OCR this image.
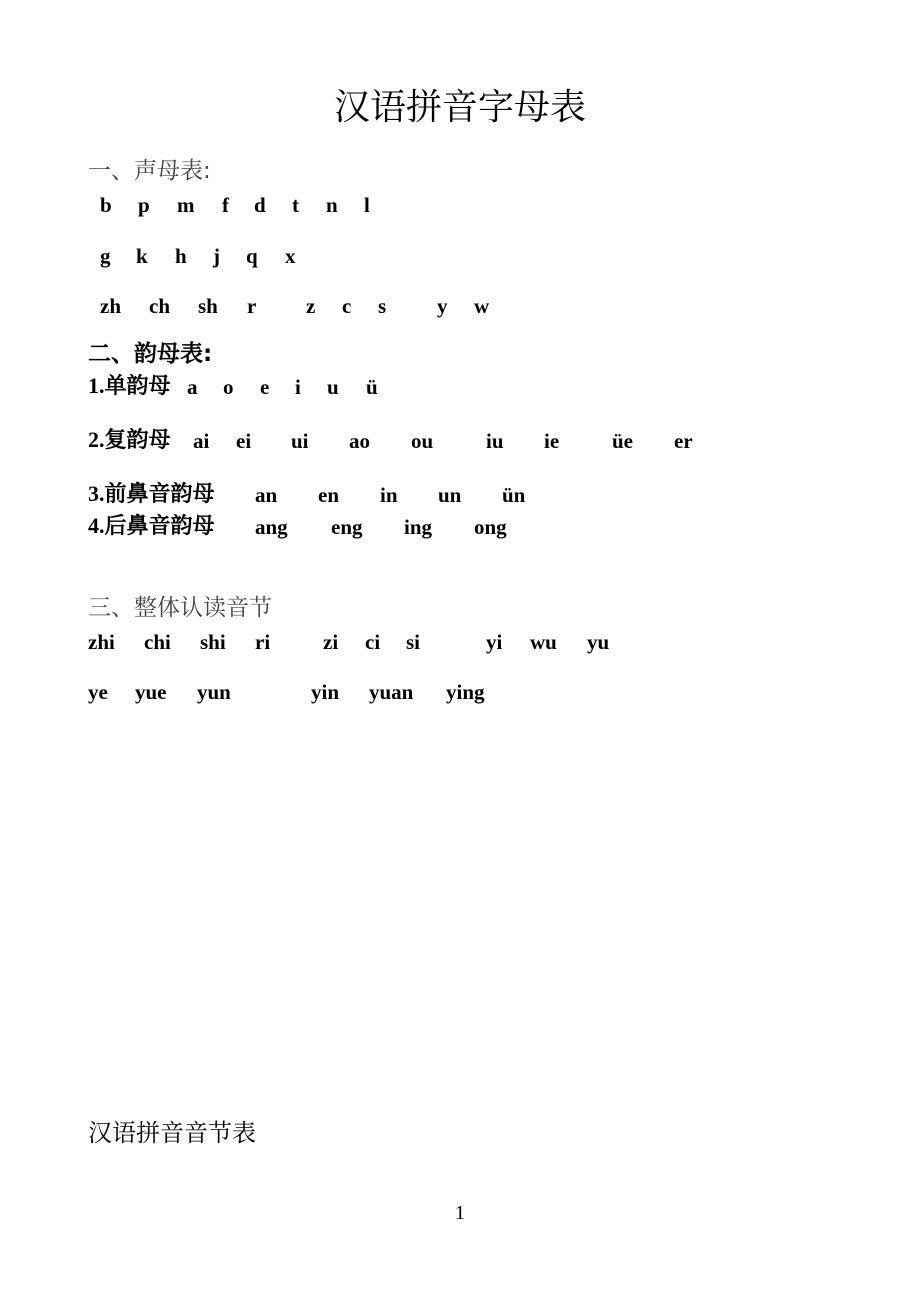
汉语拼音字母表
一、声母表:
b p m f d t n l
g k h j q x
zh ch sh r z c s y w
二、韵母表:
1.单韵母 a o e i u ü
2.复韵母 ai ei ui ao ou	iu ie	üe er
3.前鼻音韵母 an en in un ün
4.后鼻音韵母 ang eng ing ong
三、整体认读音节
zhi chi shi ri	zi ci si	yi wu yu
ye yue yun	yin yuan ying
汉语拼音音节表
1
